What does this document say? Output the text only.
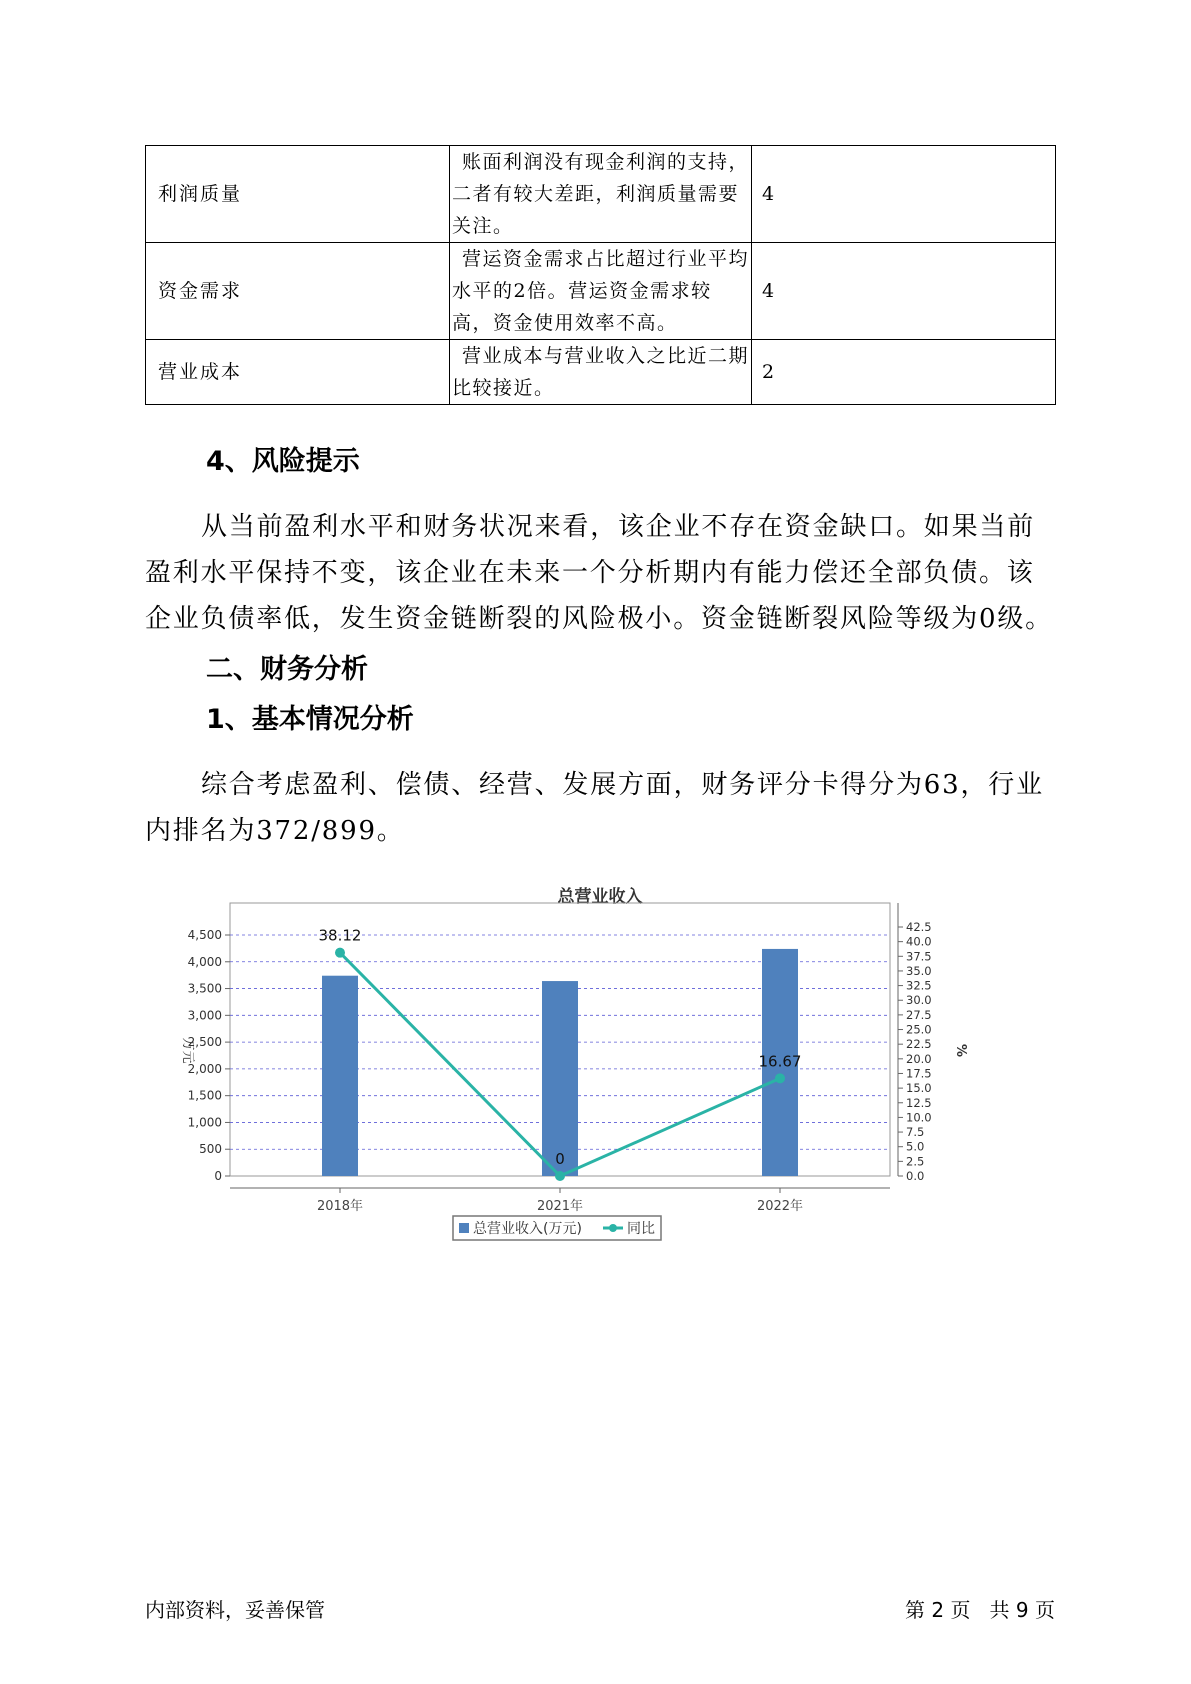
利润质量	账面利润没有现金利润的支持，二者有较大差距，利润质量需要关注。	4
资金需求	营运资金需求占比超过行业平均水平的2倍。营运资金需求较高，资金使用效率不高。	4
营业成本	营业成本与营业收入之比近二期比较接近。	2
4、风险提示

从当前盈利水平和财务状况来看，该企业不存在资金缺口。如果当前盈利水平保持不变，该企业在未来一个分析期内有能力偿还全部负债。该企业负债率低，发生资金链断裂的风险极小。资金链断裂风险等级为0级。

二、财务分析
1、基本情况分析

综合考虑盈利、偿债、经营、发展方面，财务评分卡得分为63，行业内排名为372/899。

总营业收入
0
500
1,000
1,500
2,000
2,500
3,000
3,500
4,000
4,500
0.0
2.5
5.0
7.5
10.0
12.5
15.0
17.5
20.0
22.5
25.0
27.5
30.0
32.5
35.0
37.5
40.0
42.5
万元	%
2018年	2021年	2022年
38.12
0
16.67
总营业收入(万元)	同比
内部资料，妥善保管	第 2 页   共 9 页
